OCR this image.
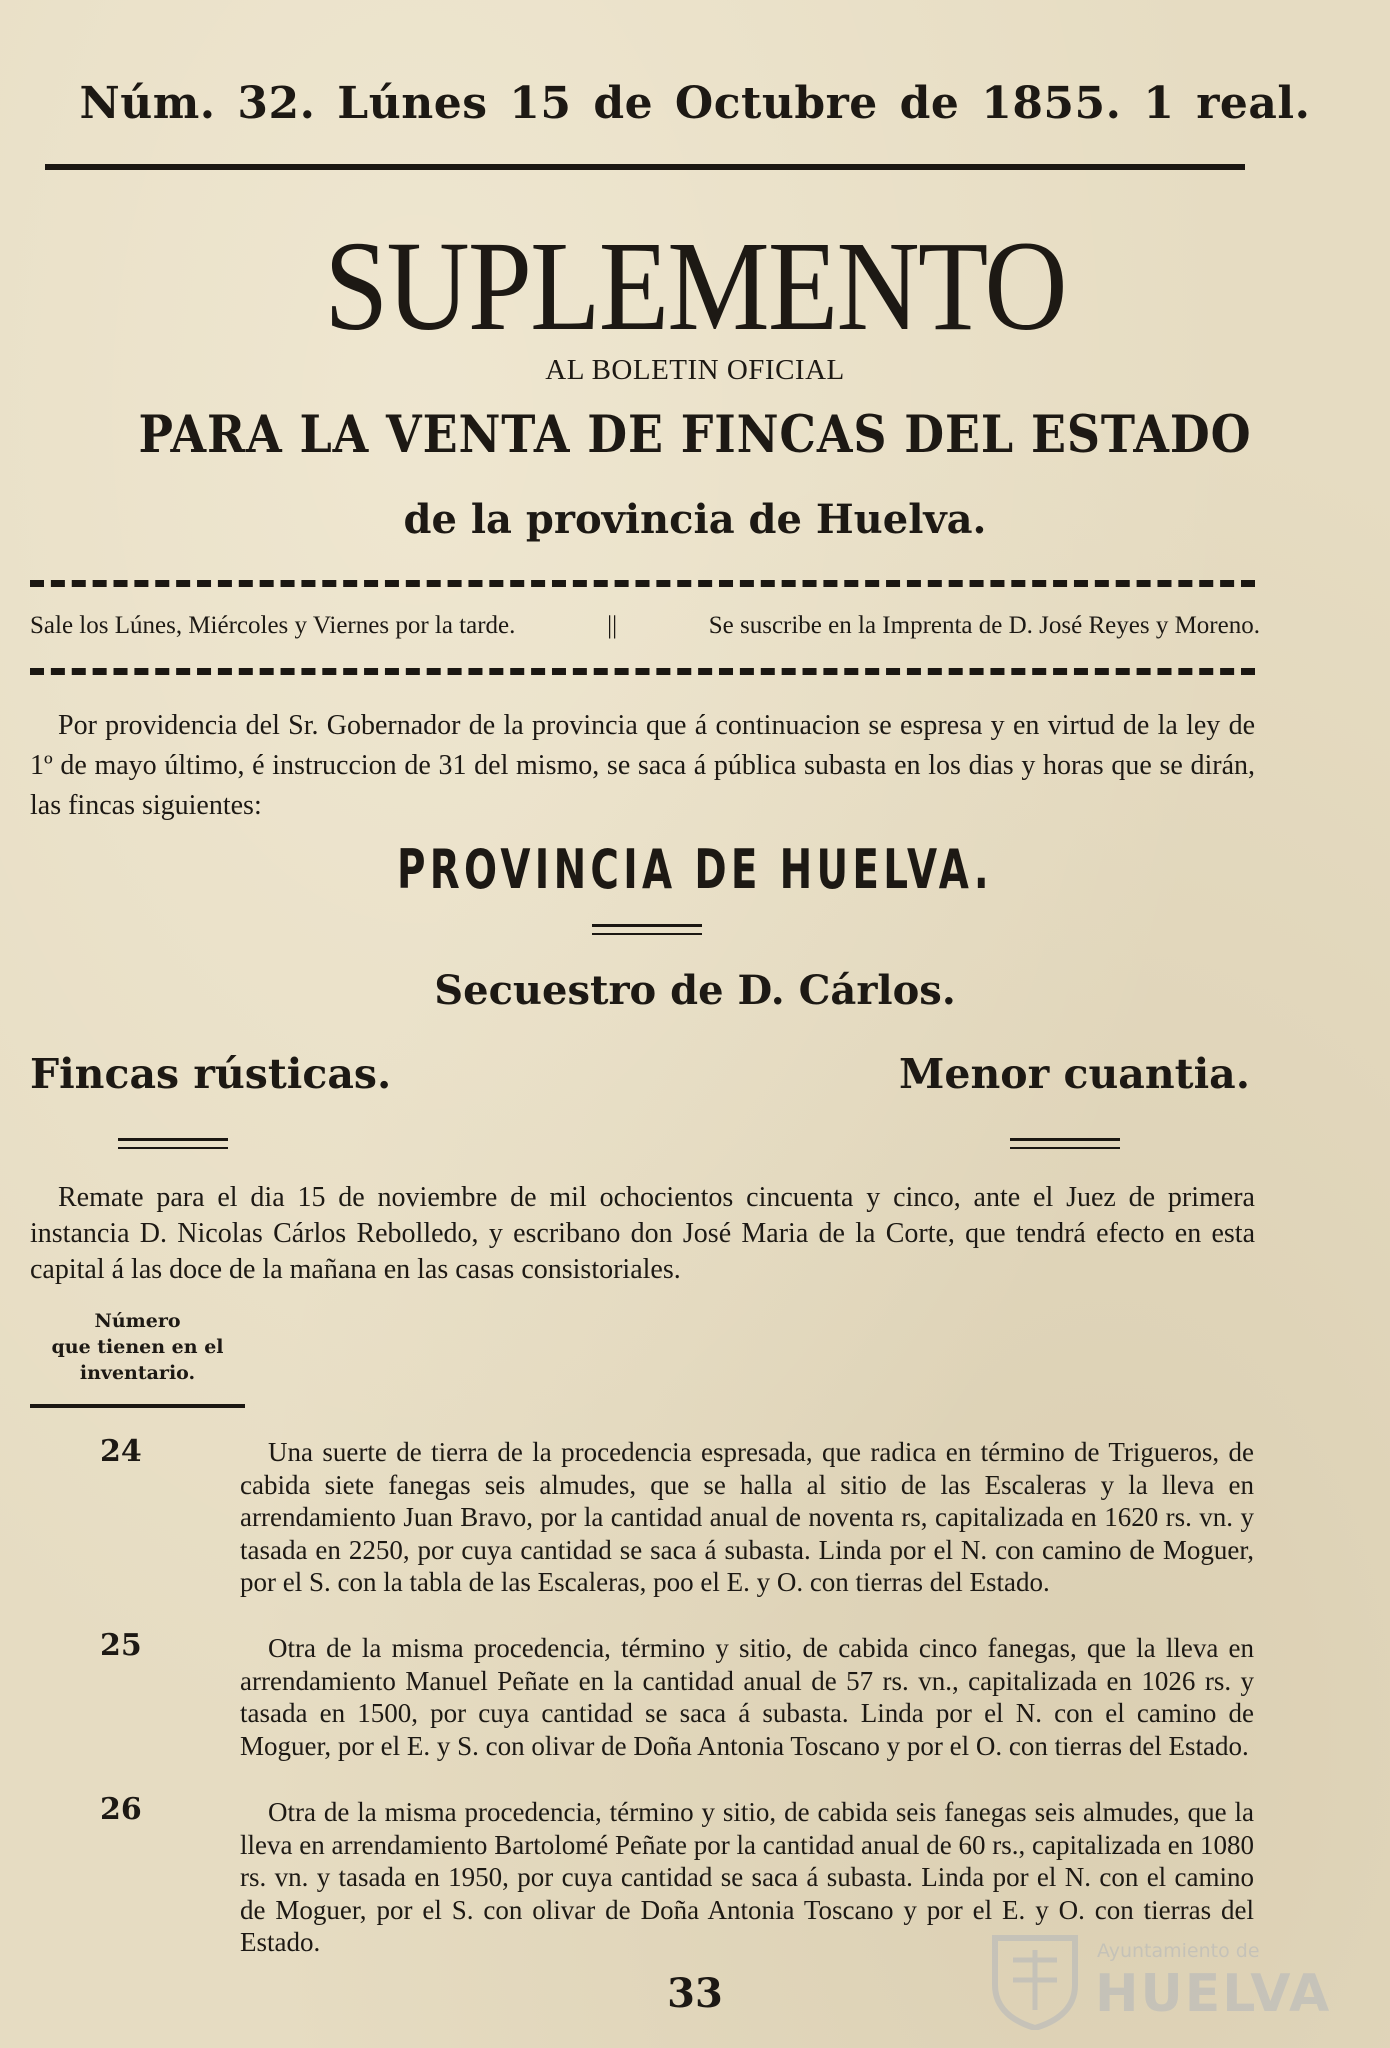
Núm. 32. Lúnes 15 de Octubre de 1855. 1 real.
SUPLEMENTO
AL BOLETIN OFICIAL
PARA LA VENTA DE FINCAS DEL ESTADO
de la provincia de Huelva.
Sale los Lúnes, Miércoles y Viernes por la tarde.	||	Se suscribe en la Imprenta de D. José Reyes y Moreno.
Por providencia del Sr. Gobernador de la provincia que á continuacion se espresa y en virtud de la ley de 1º de mayo último, é instruccion de 31 del mismo, se saca á pública subasta en los dias y horas que se dirán, las fincas siguientes:
PROVINCIA DE HUELVA.
Secuestro de D. Cárlos.
Fincas rústicas.	Menor cuantia.
Remate para el dia 15 de noviembre de mil ochocientos cincuenta y cinco, ante el Juez de primera instancia D. Nicolas Cárlos Rebolledo, y escribano don José Maria de la Corte, que tendrá efecto en esta capital á las doce de la mañana en las casas consistoriales.
Número
que tienen en el
inventario.
24	Una suerte de tierra de la procedencia espresada, que radica en término de Trigueros, de cabida siete fanegas seis almudes, que se halla al sitio de las Escaleras y la lleva en arrendamiento Juan Bravo, por la cantidad anual de noventa rs, capitalizada en 1620 rs. vn. y tasada en 2250, por cuya cantidad se saca á subasta. Linda por el N. con camino de Moguer, por el S. con la tabla de las Escaleras, poo el E. y O. con tierras del Estado.
25	Otra de la misma procedencia, término y sitio, de cabida cinco fanegas, que la lleva en arrendamiento Manuel Peñate en la cantidad anual de 57 rs. vn., capitalizada en 1026 rs. y tasada en 1500, por cuya cantidad se saca á subasta. Linda por el N. con el camino de Moguer, por el E. y S. con olivar de Doña Antonia Toscano y por el O. con tierras del Estado.
26	Otra de la misma procedencia, término y sitio, de cabida seis fanegas seis almudes, que la lleva en arrendamiento Bartolomé Peñate por la cantidad anual de 60 rs., capitalizada en 1080 rs. vn. y tasada en 1950, por cuya cantidad se saca á subasta. Linda por el N. con el camino de Moguer, por el S. con olivar de Doña Antonia Toscano y por el E. y O. con tierras del Estado.
33
Ayuntamiento de
HUELVA
